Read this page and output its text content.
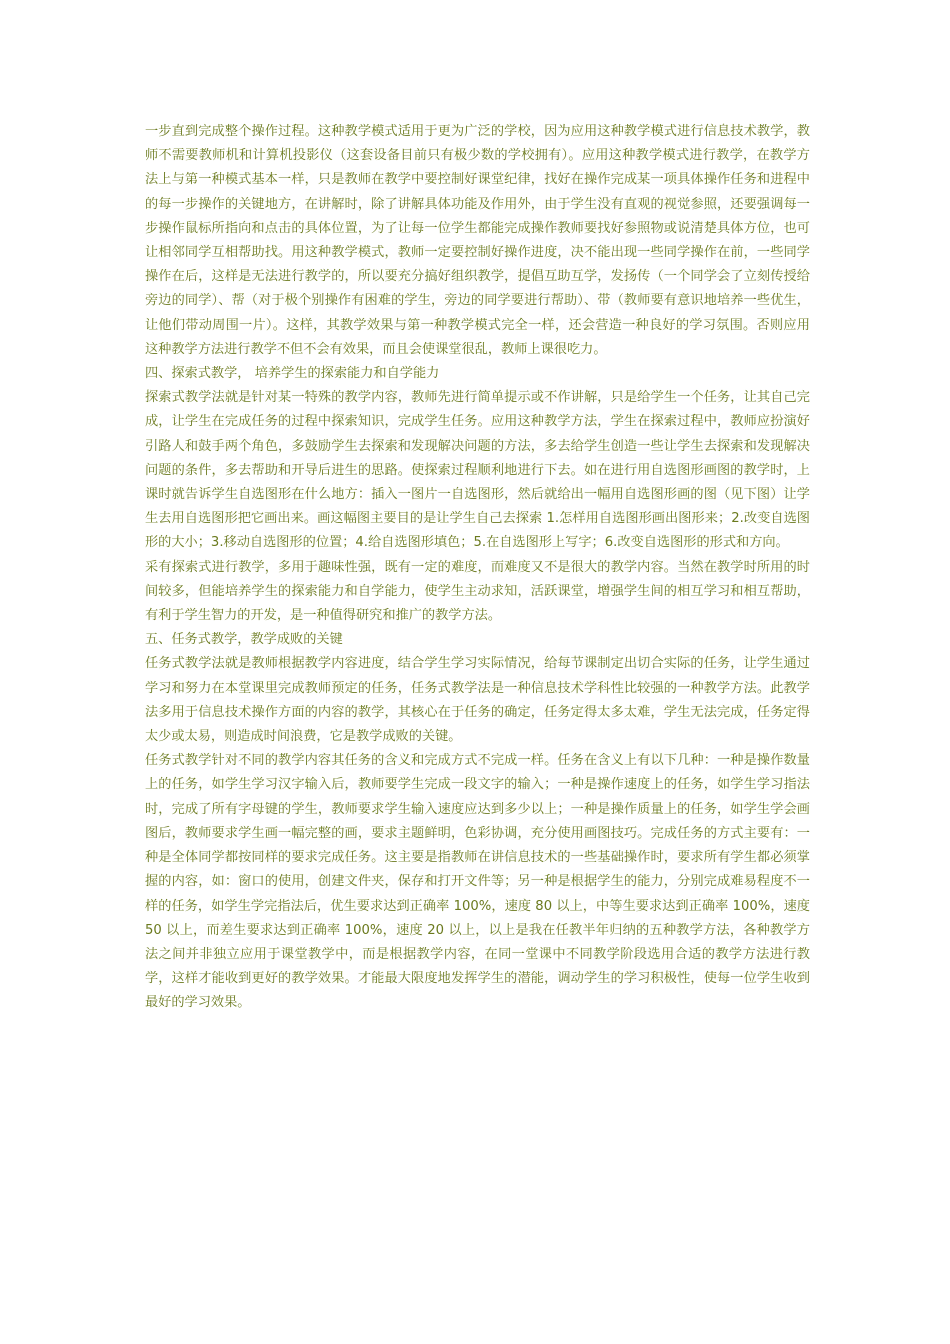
一步直到完成整个操作过程。这种教学模式适用于更为广泛的学校，因为应用这种教学模式进行信息技术教学，教师不需要教师机和计算机投影仪（这套设备目前只有极少数的学校拥有）。应用这种教学模式进行教学，在教学方法上与第一种模式基本一样，只是教师在教学中要控制好课堂纪律，找好在操作完成某一项具体操作任务和进程中的每一步操作的关键地方，在讲解时，除了讲解具体功能及作用外，由于学生没有直观的视觉参照，还要强调每一步操作鼠标所指向和点击的具体位置，为了让每一位学生都能完成操作教师要找好参照物或说清楚具体方位，也可让相邻同学互相帮助找。用这种教学模式，教师一定要控制好操作进度，决不能出现一些同学操作在前，一些同学操作在后，这样是无法进行教学的，所以要充分搞好组织教学，提倡互助互学，发扬传（一个同学会了立刻传授给旁边的同学）、帮（对于极个别操作有困难的学生，旁边的同学要进行帮助）、带（教师要有意识地培养一些优生，让他们带动周围一片）。这样，其教学效果与第一种教学模式完全一样，还会营造一种良好的学习氛围。否则应用这种教学方法进行教学不但不会有效果，而且会使课堂很乱，教师上课很吃力。

四、探索式教学， 培养学生的探索能力和自学能力

探索式教学法就是针对某一特殊的教学内容，教师先进行简单提示或不作讲解，只是给学生一个任务，让其自己完成，让学生在完成任务的过程中探索知识，完成学生任务。应用这种教学方法，学生在探索过程中，教师应扮演好引路人和鼓手两个角色，多鼓励学生去探索和发现解决问题的方法，多去给学生创造一些让学生去探索和发现解决问题的条件，多去帮助和开导后进生的思路。使探索过程顺利地进行下去。如在进行用自选图形画图的教学时，上课时就告诉学生自选图形在什么地方：插入一图片一自选图形，然后就给出一幅用自选图形画的图（见下图）让学生去用自选图形把它画出来。画这幅图主要目的是让学生自己去探索 1.怎样用自选图形画出图形来；2.改变自选图形的大小；3.移动自选图形的位置；4.给自选图形填色；5.在自选图形上写字；6.改变自选图形的形式和方向。

采有探索式进行教学，多用于趣味性强，既有一定的难度，而难度又不是很大的教学内容。当然在教学时所用的时间较多，但能培养学生的探索能力和自学能力，使学生主动求知，活跃课堂，增强学生间的相互学习和相互帮助，有利于学生智力的开发，是一种值得研究和推广的教学方法。

五、任务式教学，教学成败的关键

任务式教学法就是教师根据教学内容进度，结合学生学习实际情况，给每节课制定出切合实际的任务，让学生通过学习和努力在本堂课里完成教师预定的任务，任务式教学法是一种信息技术学科性比较强的一种教学方法。此教学法多用于信息技术操作方面的内容的教学，其核心在于任务的确定，任务定得太多太难，学生无法完成，任务定得太少或太易，则造成时间浪费，它是教学成败的关键。

任务式教学针对不同的教学内容其任务的含义和完成方式不完成一样。任务在含义上有以下几种：一种是操作数量上的任务，如学生学习汉字输入后，教师要学生完成一段文字的输入；一种是操作速度上的任务，如学生学习指法时，完成了所有字母键的学生，教师要求学生输入速度应达到多少以上；一种是操作质量上的任务，如学生学会画图后，教师要求学生画一幅完整的画，要求主题鲜明，色彩协调，充分使用画图技巧。完成任务的方式主要有：一种是全体同学都按同样的要求完成任务。这主要是指教师在讲信息技术的一些基础操作时，要求所有学生都必须掌握的内容，如：窗口的使用，创建文件夹，保存和打开文件等；另一种是根据学生的能力，分别完成难易程度不一样的任务，如学生学完指法后，优生要求达到正确率 100%，速度 80 以上，中等生要求达到正确率 100%，速度 50 以上，而差生要求达到正确率 100%，速度 20 以上，以上是我在任教半年归纳的五种教学方法，各种教学方法之间并非独立应用于课堂教学中，而是根据教学内容，在同一堂课中不同教学阶段选用合适的教学方法进行教学，这样才能收到更好的教学效果。才能最大限度地发挥学生的潜能，调动学生的学习积极性，使每一位学生收到最好的学习效果。
